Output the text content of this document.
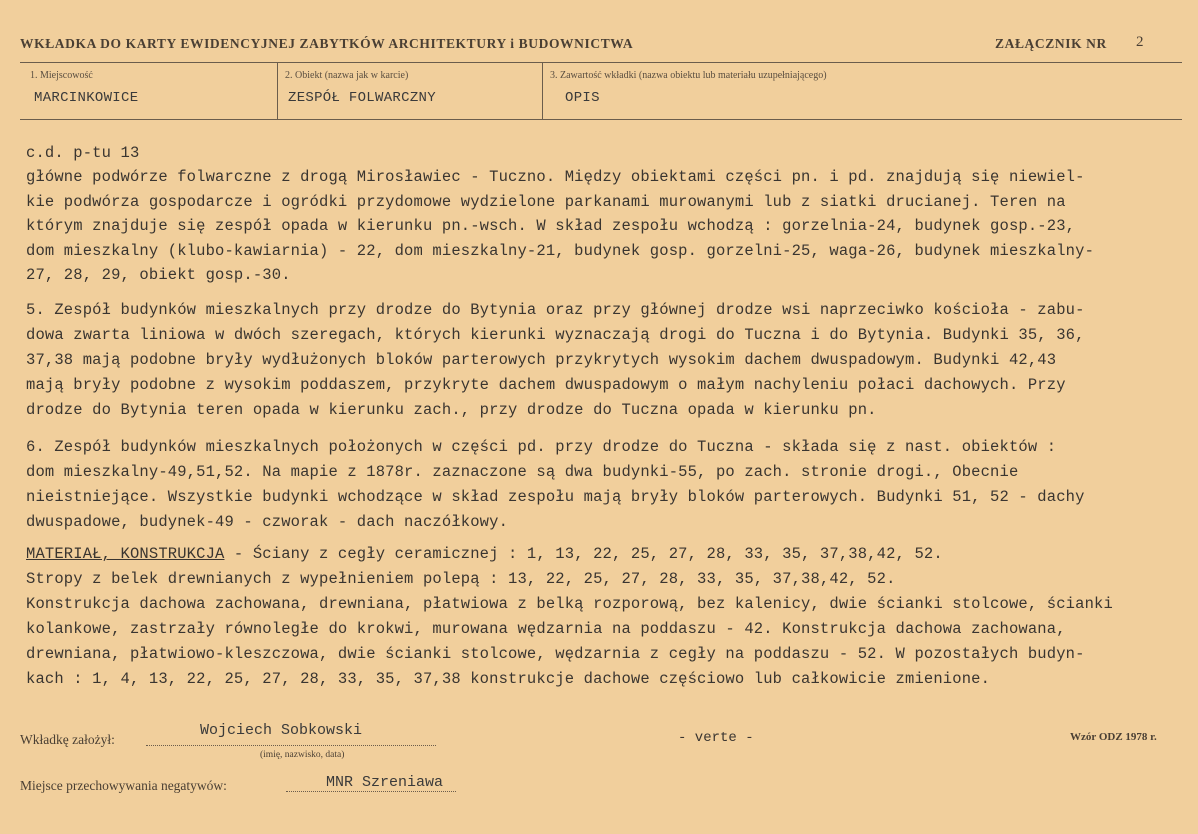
WKŁADKA DO KARTY EWIDENCYJNEJ ZABYTKÓW ARCHITEKTURY i BUDOWNICTWA	ZAŁĄCZNIK NR 2
1. Miejscowość
MARCINKOWICE
2. Obiekt (nazwa jak w karcie)
ZESPÓŁ FOLWARCZNY
3. Zawartość wkładki (nazwa obiektu lub materiału uzupełniającego)
OPIS
c.d. p-tu 13
główne podwórze folwarczne z drogą Mirosławiec - Tuczno. Między obiektami części pn. i pd. znajdują się niewiel-
kie podwórza gospodarcze i ogródki przydomowe wydzielone parkanami murowanymi lub z siatki drucianej. Teren na
którym znajduje się zespół opada w kierunku pn.-wsch. W skład zespołu wchodzą : gorzelnia-24, budynek gosp.-23,
dom mieszkalny (klubo-kawiarnia) - 22, dom mieszkalny-21, budynek gosp. gorzelni-25, waga-26, budynek mieszkalny-
27, 28, 29, obiekt gosp.-30.
5. Zespół budynków mieszkalnych przy drodze do Bytynia oraz przy głównej drodze wsi naprzeciwko kościoła - zabu-
dowa zwarta liniowa w dwóch szeregach, których kierunki wyznaczają drogi do Tuczna i do Bytynia. Budynki 35, 36,
37,38 mają podobne bryły wydłużonych bloków parterowych przykrytych wysokim dachem dwuspadowym. Budynki 42,43
mają bryły podobne z wysokim poddaszem, przykryte dachem dwuspadowym o małym nachyleniu połaci dachowych. Przy
drodze do Bytynia teren opada w kierunku zach., przy drodze do Tuczna opada w kierunku pn.
6. Zespół budynków mieszkalnych położonych w części pd. przy drodze do Tuczna - składa się z nast. obiektów :
dom mieszkalny-49,51,52. Na mapie z 1878r. zaznaczone są dwa budynki-55, po zach. stronie drogi., Obecnie
nieistniejące. Wszystkie budynki wchodzące w skład zespołu mają bryły bloków parterowych. Budynki 51, 52 - dachy
dwuspadowe, budynek-49 - czworak - dach naczółkowy.
MATERIAŁ, KONSTRUKCJA - Ściany z cegły ceramicznej : 1, 13, 22, 25, 27, 28, 33, 35, 37,38,42, 52.
Stropy z belek drewnianych z wypełnieniem polepą : 13, 22, 25, 27, 28, 33, 35, 37,38,42, 52.
Konstrukcja dachowa zachowana, drewniana, płatwiowa z belką rozporową, bez kalenicy, dwie ścianki stolcowe, ścianki
kolankowe, zastrzały równoległe do krokwi, murowana wędzarnia na poddaszu - 42. Konstrukcja dachowa zachowana,
drewniana, płatwiowo-kleszczowa, dwie ścianki stolcowe, wędzarnia z cegły na poddaszu - 52. W pozostałych budyn-
kach : 1, 4, 13, 22, 25, 27, 28, 33, 35, 37,38 konstrukcje dachowe częściowo lub całkowicie zmienione.
Wkładkę założył:
Wojciech Sobkowski
(imię, nazwisko, data)
- verte -	Wzór ODZ 1978 r.
Miejsce przechowywania negatywów:	MNR Szreniawa
